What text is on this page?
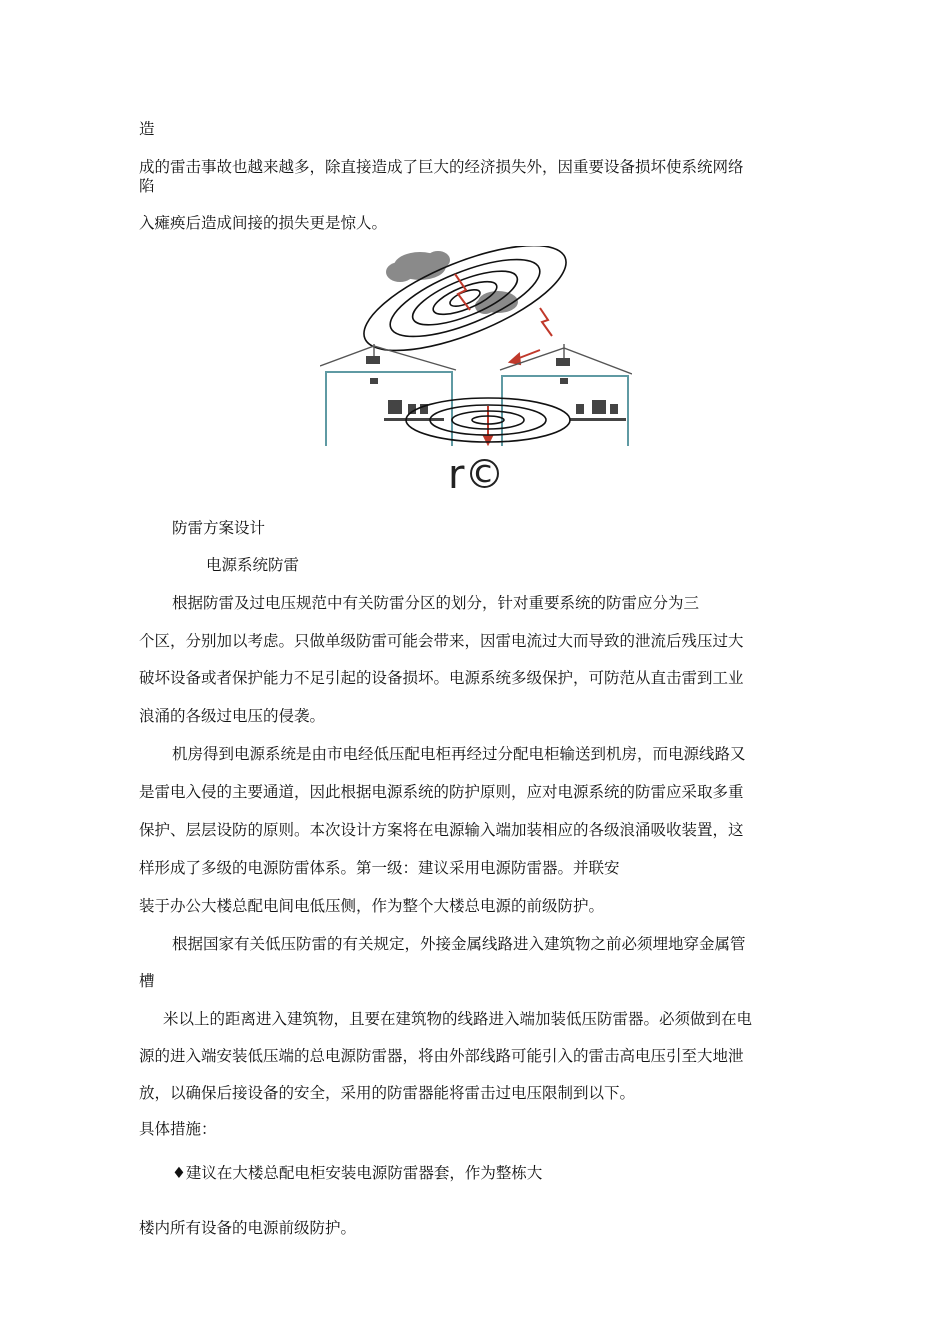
造
成的雷击事故也越来越多，除直接造成了巨大的经济损失外，因重要设备损坏使系统网络
陷
入瘫痪后造成间接的损失更是惊人。
r©
防雷方案设计
电源系统防雷
根据防雷及过电压规范中有关防雷分区的划分，针对重要系统的防雷应分为三
个区，分别加以考虑。只做单级防雷可能会带来，因雷电流过大而导致的泄流后残压过大
破坏设备或者保护能力不足引起的设备损坏。电源系统多级保护，可防范从直击雷到工业
浪涌的各级过电压的侵袭。
机房得到电源系统是由市电经低压配电柜再经过分配电柜输送到机房，而电源线路又
是雷电入侵的主要通道，因此根据电源系统的防护原则，应对电源系统的防雷应采取多重
保护、层层设防的原则。本次设计方案将在电源输入端加装相应的各级浪涌吸收装置，这
样形成了多级的电源防雷体系。第一级：建议采用电源防雷器。并联安
装于办公大楼总配电间电低压侧，作为整个大楼总电源的前级防护。
根据国家有关低压防雷的有关规定，外接金属线路进入建筑物之前必须埋地穿金属管
槽
米以上的距离进入建筑物，且要在建筑物的线路进入端加装低压防雷器。必须做到在电
源的进入端安装低压端的总电源防雷器，将由外部线路可能引入的雷击高电压引至大地泄
放，以确保后接设备的安全，采用的防雷器能将雷击过电压限制到以下。
具体措施：
♦建议在大楼总配电柜安装电源防雷器套，作为整栋大
楼内所有设备的电源前级防护。
